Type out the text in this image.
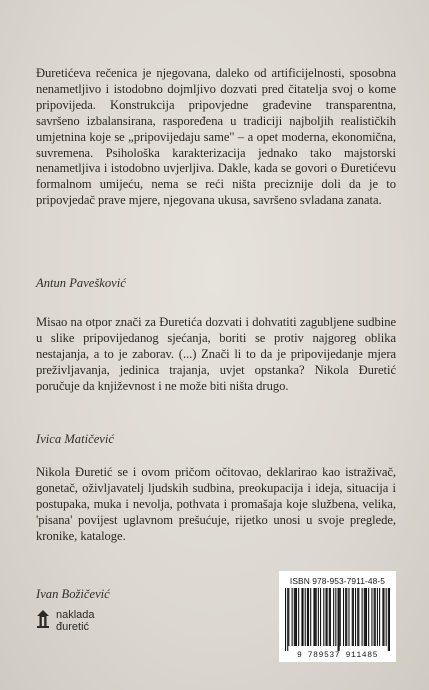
Đuretićeva rečenica je njegovana, daleko od artificijelnosti, sposobna nenametljivo i istodobno dojmljivo dozvati pred čitatelja svoj o kome pripovijeda. Konstrukcija pripovjedne građevine transparentna, savršeno izbalansirana, raspoređena u tradiciji najboljih realističkih umjetnina koje se „pripovijedaju same" – a opet moderna, ekonomična, suvremena. Psihološka karakterizacija jednako tako majstorski nenametljiva i istodobno uvjerljiva. Dakle, kada se govori o Đuretićevu formalnom umijeću, nema se reći ništa preciznije doli da je to pripovjedač prave mjere, njegovana ukusa, savršeno svladana zanata.

Antun Pavešković

Misao na otpor znači za Đuretića dozvati i dohvatiti zagubljene sudbine u slike pripovijedanog sjećanja, boriti se protiv najgoreg oblika nestajanja, a to je zaborav. (...) Znači li to da je pripovijedanje mjera preživljavanja, jedinica trajanja, uvjet opstanka? Nikola Đuretić poručuje da književnost i ne može biti ništa drugo.

Ivica Matičević

Nikola Đuretić se i ovom pričom očitovao, deklarirao kao istraživač, gonetač, oživljavatelj ljudskih sudbina, preokupacija i ideja, situacija i postupaka, muka i nevolja, pothvata i promašaja koje službena, velika, 'pisana' povijest uglavnom prešućuje, rijetko unosi u svoje preglede, kronike, kataloge.

Ivan Božičević

naklada
đuretić

ISBN 978-953-7911-48-5

9 789537 911485
